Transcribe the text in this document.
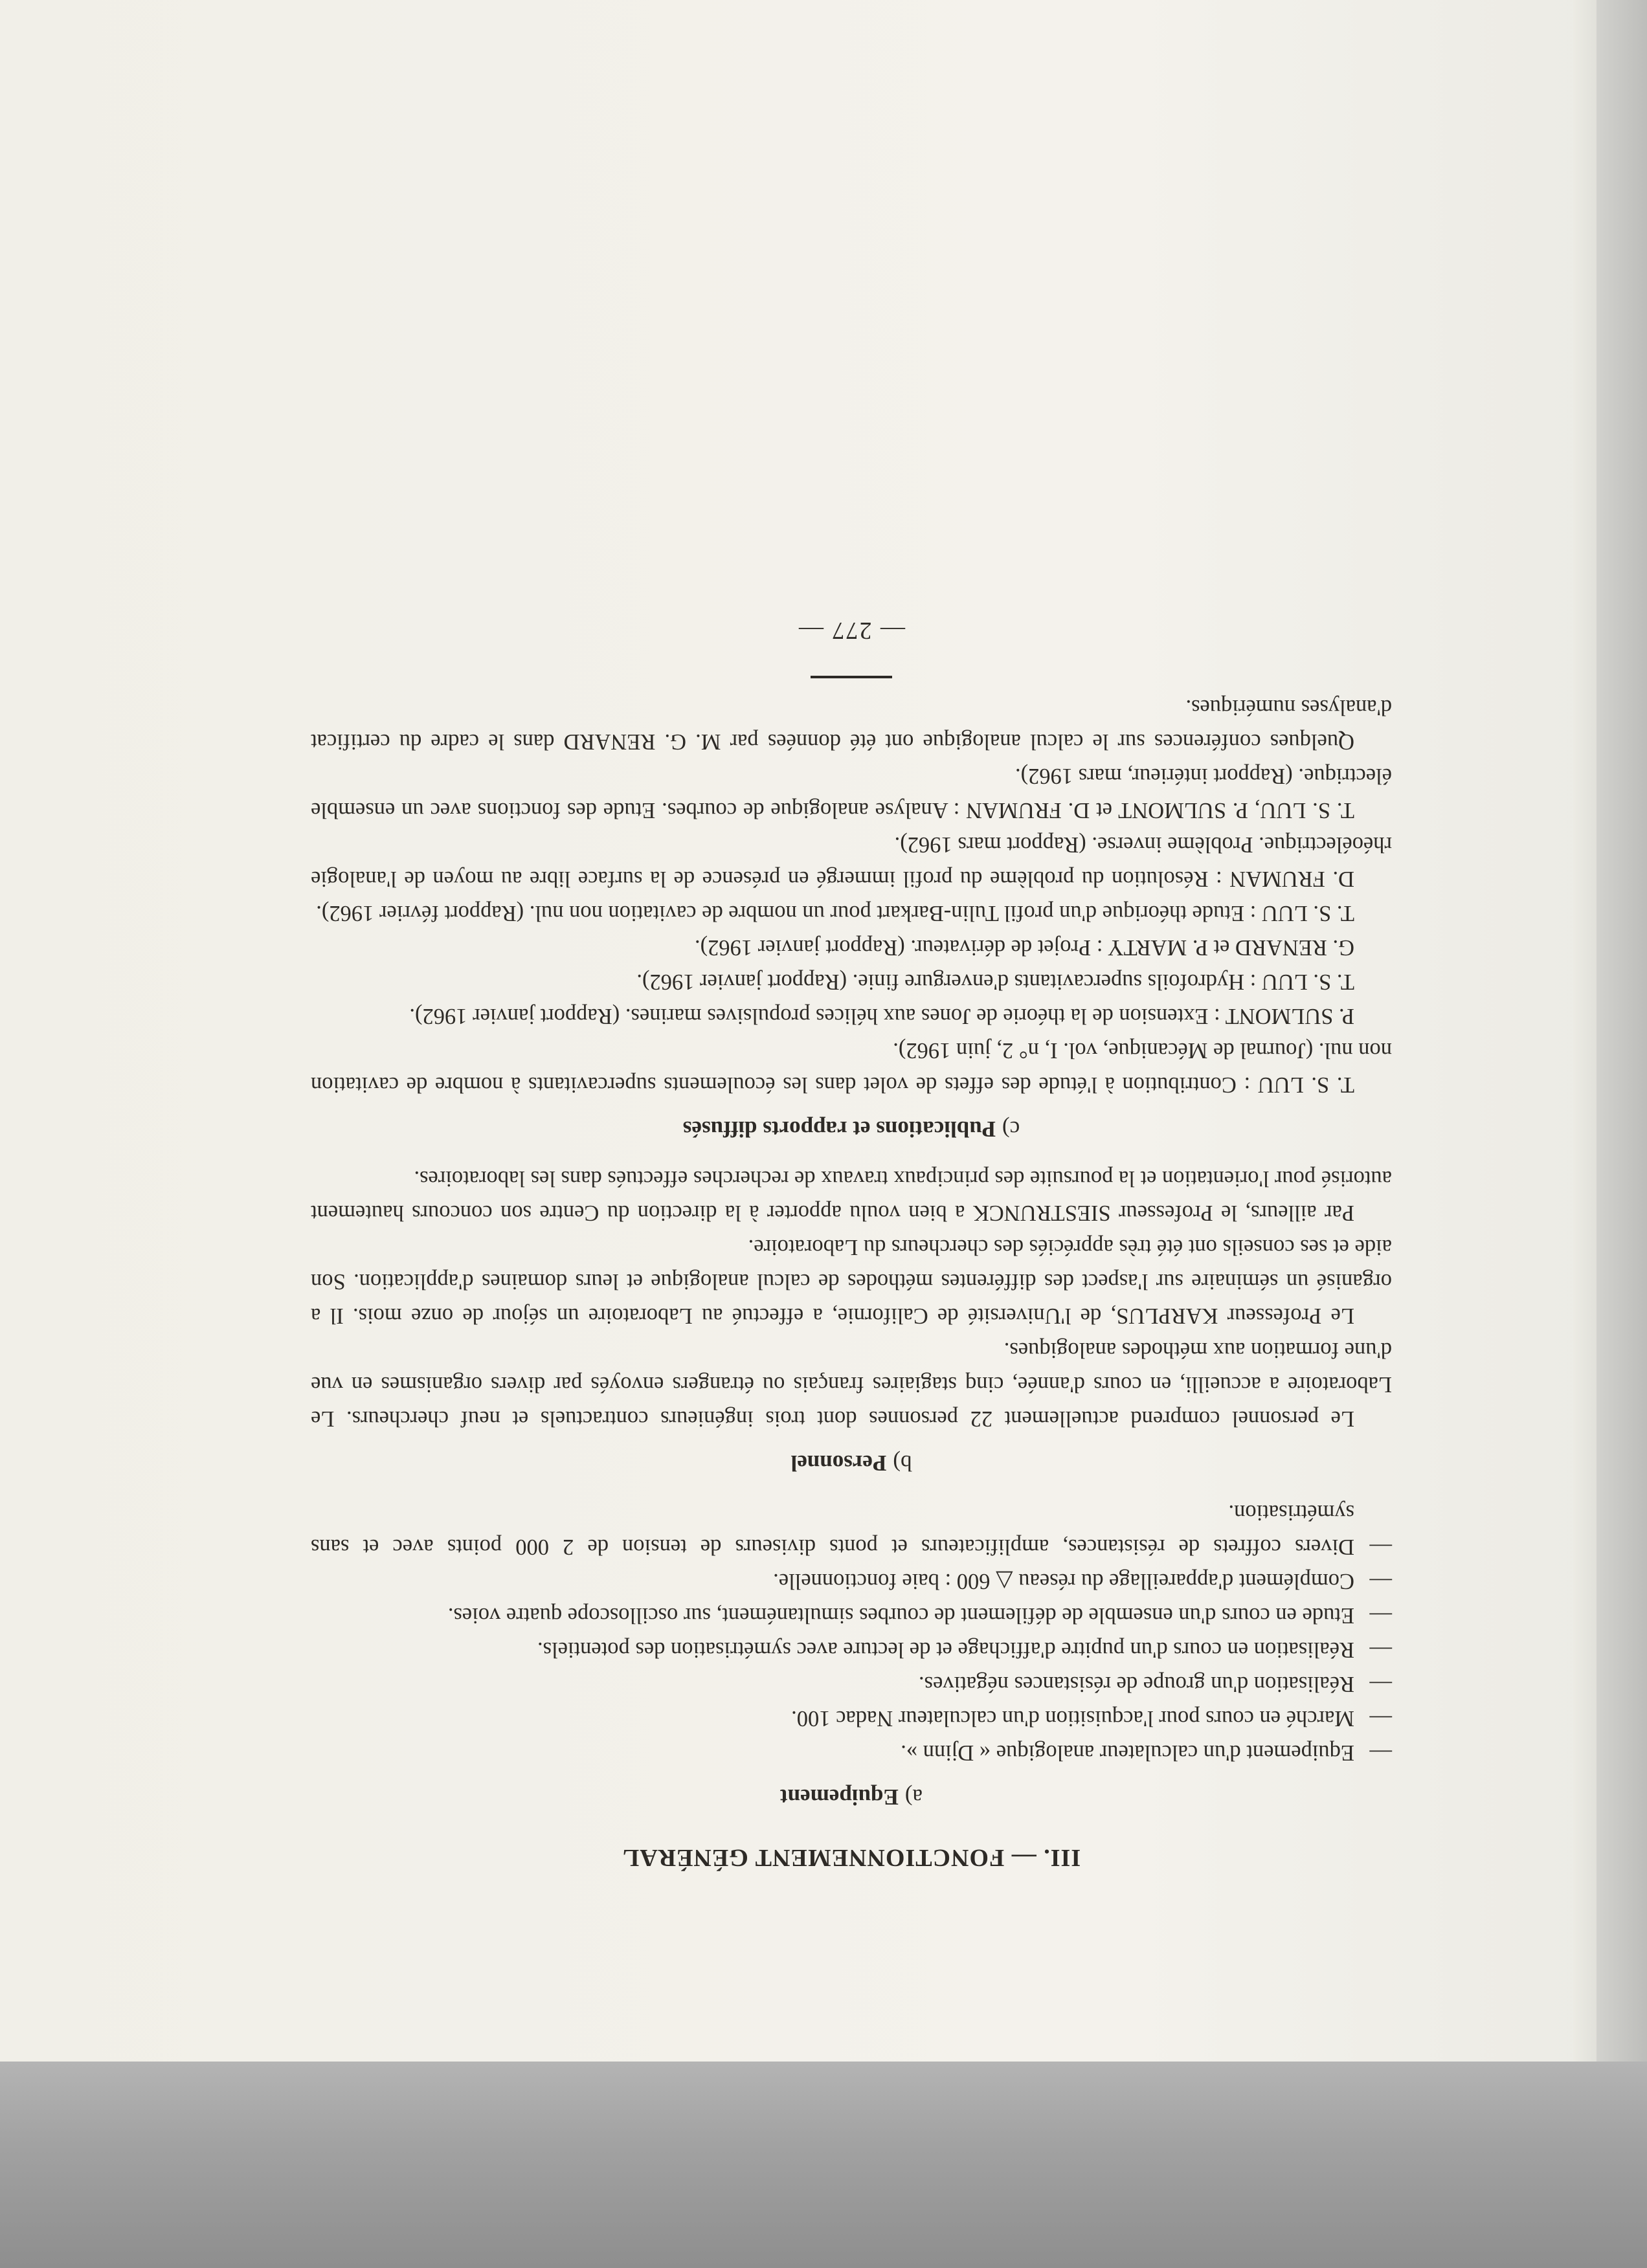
III. — FONCTIONNEMENT GÉNÉRAL
a)Equipement
— Equipement d'un calculateur analogique « Djinn ».
— Marché en cours pour l'acquisition d'un calculateur Nadac 100.
— Réalisation d'un groupe de résistances négatives.
— Réalisation en cours d'un pupitre d'affichage et de lecture avec symétrisation des potentiels.
— Etude en cours d'un ensemble de défilement de courbes simultanément, sur oscilloscope quatre voies.
— Complément d'appareillage du réseau △ 600 : baie fonctionnelle.
— Divers coffrets de résistances, amplificateurs et ponts diviseurs de tension de 2 000 points avec et sans symétrisation.
b)Personnel

Le personnel comprend actuellement 22 personnes dont trois ingénieurs contractuels et neuf chercheurs. Le Laboratoire a accueilli, en cours d'année, cinq stagiaires français ou étrangers envoyés par divers organismes en vue d'une formation aux méthodes analogiques.

Le Professeur KARPLUS, de l'Université de Californie, a effectué au Laboratoire un séjour de onze mois. Il a organisé un séminaire sur l'aspect des différentes méthodes de calcul analogique et leurs domaines d'application. Son aide et ses conseils ont été très appréciés des chercheurs du Laboratoire.

Par ailleurs, le Professeur SIESTRUNCK a bien voulu apporter à la direction du Centre son concours hautement autorisé pour l'orientation et la poursuite des principaux travaux de recherches effectués dans les laboratoires.

c)Publications et rapports diffusés

T. S. LUU : Contribution à l'étude des effets de volet dans les écoulements supercavitants à nombre de cavitation non nul. (Journal de Mécanique, vol. I, n° 2, juin 1962).

P. SULMONT : Extension de la théorie de Jones aux hélices propulsives marines. (Rapport janvier 1962).

T. S. LUU : Hydrofoils supercavitants d'envergure finie. (Rapport janvier 1962).

G. RENARD et P. MARTY : Projet de dérivateur. (Rapport janvier 1962).

T. S. LUU : Etude théorique d'un profil Tulin-Barkart pour un nombre de cavitation non nul. (Rapport février 1962).

D. FRUMAN : Résolution du problème du profil immergé en présence de la surface libre au moyen de l'analogie rhéoélectrique. Problème inverse. (Rapport mars 1962).

T. S. LUU, P. SULMONT et D. FRUMAN : Analyse analogique de courbes. Etude des fonctions avec un ensemble électrique. (Rapport intérieur, mars 1962).

Quelques conférences sur le calcul analogique ont été données par M. G. RENARD dans le cadre du certificat d'analyses numériques.

— 277 —
